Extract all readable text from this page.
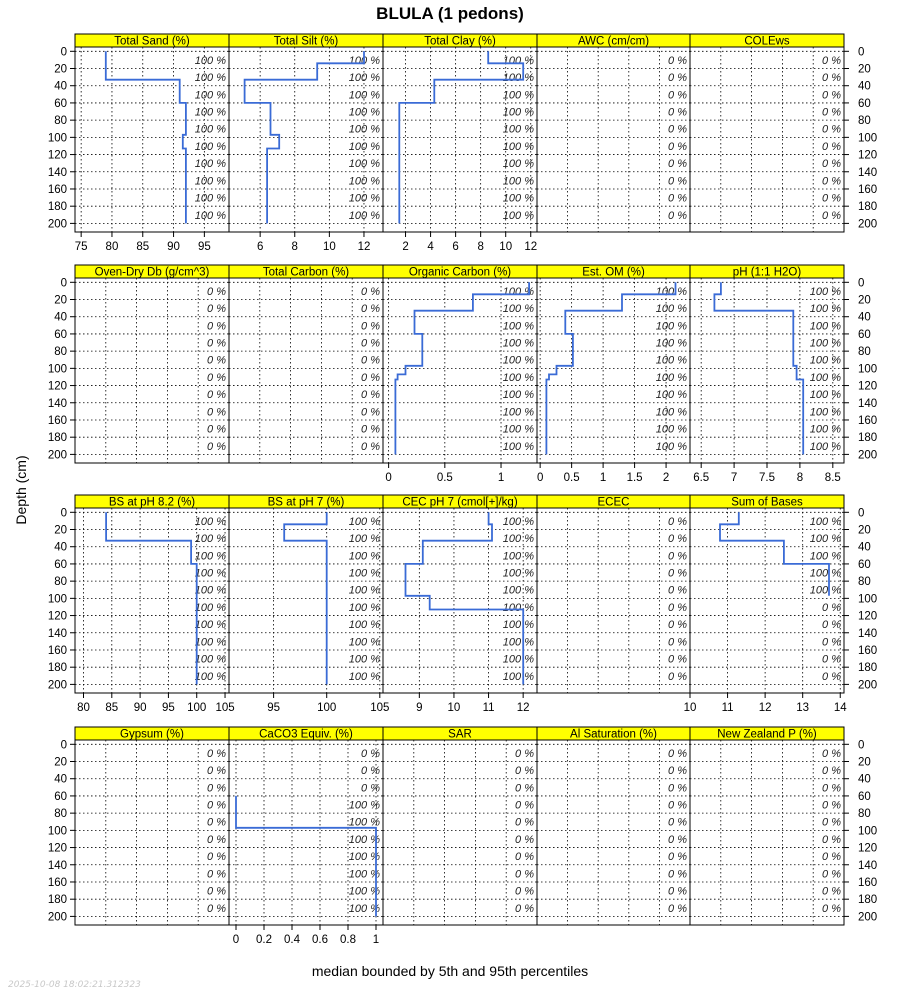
BLULA (1 pedons)
Total Sand (%)
100 %
100 %
100 %
100 %
100 %
100 %
100 %
100 %
100 %
100 %
75 80 85 90 95
0
20
40
60
80
100
120
140
160
180
200
Total Silt (%)
100 %
100 %
100 %
100 %
100 %
100 %
100 %
100 %
100 %
100 %
6 8 10 12
Total Clay (%)
100 %
100 %
100 %
100 %
100 %
100 %
100 %
100 %
100 %
100 %
2 4 6 8 10 12
AWC (cm/cm)
0 %
0 %
0 %
0 %
0 %
0 %
0 %
0 %
0 %
0 %
COLEws
0 %
0 %
0 %
0 %
0 %
0 %
0 %
0 %
0 %
0 %
Oven-Dry Db (g/cm^3)
0 %
0 %
0 %
0 %
0 %
0 %
0 %
0 %
0 %
0 %
Total Carbon (%)
0 %
0 %
0 %
0 %
0 %
0 %
0 %
0 %
0 %
0 %
Organic Carbon (%)
100 %
100 %
100 %
100 %
100 %
100 %
100 %
100 %
100 %
100 %
0	0.5	1
Est. OM (%)
100 %
100 %
100 %
100 %
100 %
100 %
100 %
100 %
100 %
100 %
0 0.5 1 1.5 2
pH (1:1 H2O)
100 %
100 %
100 %
100 %
100 %
100 %
100 %
100 %
100 %
100 %
6.5 7 7.5 8 8.5
0
20
40
60
80
100
120
140
160
180
200
BS at pH 8.2 (%)
100 %
100 %
100 %
100 %
100 %
100 %
100 %
100 %
100 %
100 %
80 85 90 95 100 105
0
20
40
60
80
100
120
140
160
180
200
BS at pH 7 (%)
100 %
100 %
100 %
100 %
100 %
100 %
100 %
100 %
100 %
100 %
95	100	105
CEC pH 7 (cmol[+]/kg)
100 %
100 %
100 %
100 %
100 %
100 %
100 %
100 %
100 %
100 %
9 10 11 12
ECEC
0 %
0 %
0 %
0 %
0 %
0 %
0 %
0 %
0 %
0 %
Sum of Bases
100 %
100 %
100 %
100 %
100 %
0 %
0 %
0 %
0 %
0 %
10 11 12 13 14
Gypsum (%)
0 %
0 %
0 %
0 %
0 %
0 %
0 %
0 %
0 %
0 %
CaCO3 Equiv. (%)
0 %
0 %
0 %
100 %
100 %
100 %
100 %
100 %
100 %
100 %
0 0.2 0.4 0.6 0.8 1
SAR
0 %
0 %
0 %
0 %
0 %
0 %
0 %
0 %
0 %
0 %
Al Saturation (%)
0 %
0 %
0 %
0 %
0 %
0 %
0 %
0 %
0 %
0 %
New Zealand P (%)
0 %
0 %
0 %
0 %
0 %
0 %
0 %
0 %
0 %
0 %
0
20
40
60
80
100
120
140
160
180
200
0
20
40
60
80
100
120
140
160
180
200
0
20
40
60
80
100
120
140
160
180
200
0
20
40
60
80
100
120
140
160
180
200
0
20
40
60
80
100
120
140
160
180
200
Depth (cm)
median bounded by 5th and 95th percentiles
2025-10-08 18:02:21.312323
